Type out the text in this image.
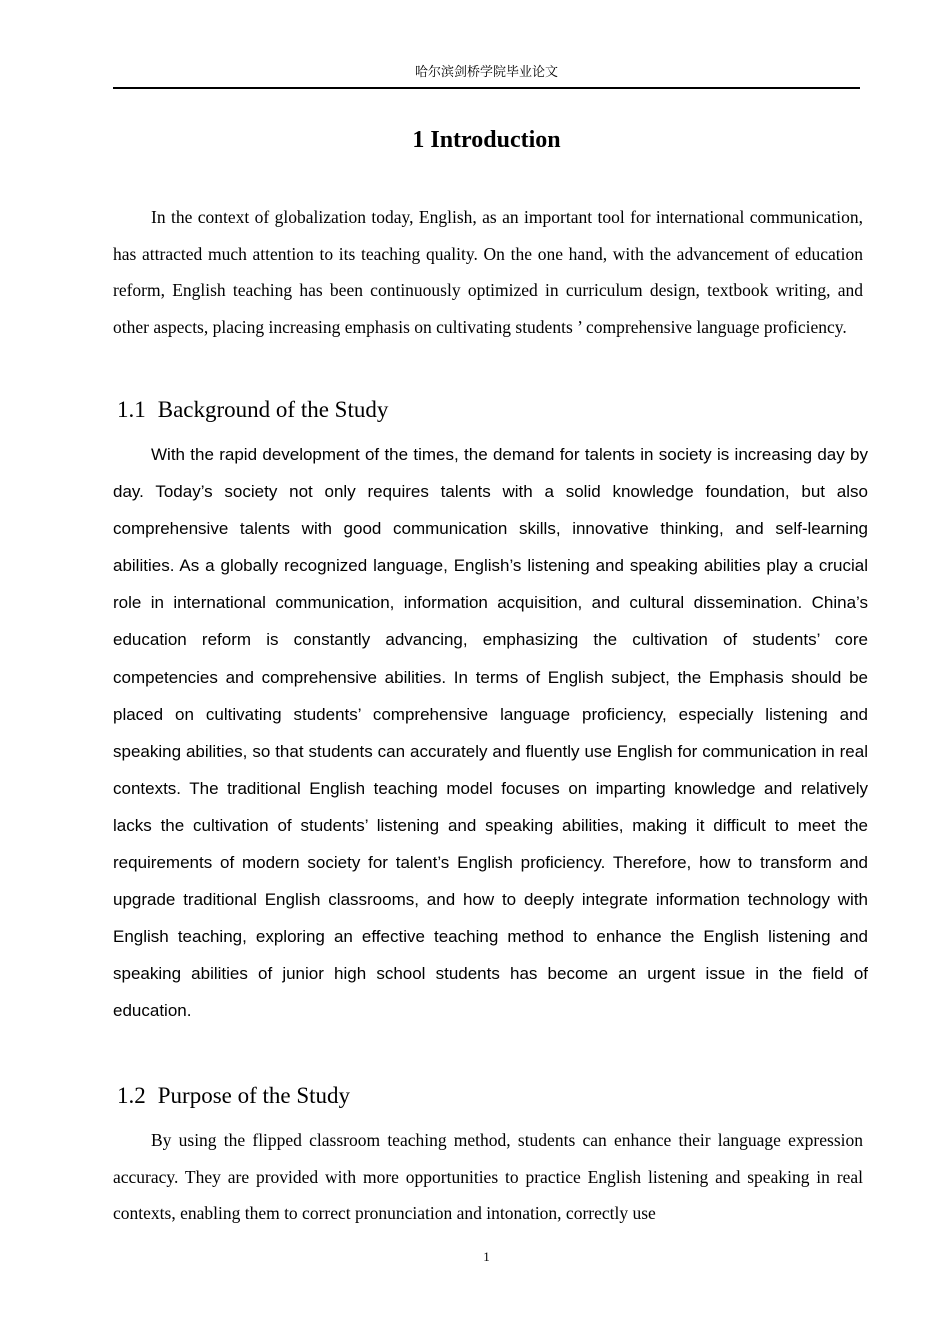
哈尔滨剑桥学院毕业论文
1 Introduction

In the context of globalization today, English, as an important tool for international communication, has attracted much attention to its teaching quality. On the one hand, with the advancement of education reform, English teaching has been continuously optimized in curriculum design, textbook writing, and other aspects, placing increasing emphasis on cultivating students ’ comprehensive language proficiency.

1.1 Background of the Study

With the rapid development of the times, the demand for talents in society is increasing day by day. Today’s society not only requires talents with a solid knowledge foundation, but also comprehensive talents with good communication skills, innovative thinking, and self-learning abilities. As a globally recognized language, English’s listening and speaking abilities play a crucial role in international communication, information acquisition, and cultural dissemination. China’s education reform is constantly advancing, emphasizing the cultivation of students’ core competencies and comprehensive abilities. In terms of English subject, the Emphasis should be placed on cultivating students’ comprehensive language proficiency, especially listening and speaking abilities, so that students can accurately and fluently use English for communication in real contexts. The traditional English teaching model focuses on imparting knowledge and relatively lacks the cultivation of students’ listening and speaking abilities, making it difficult to meet the requirements of modern society for talent’s English proficiency. Therefore, how to transform and upgrade traditional English classrooms, and how to deeply integrate information technology with English teaching, exploring an effective teaching method to enhance the English listening and speaking abilities of junior high school students has become an urgent issue in the field of education.

1.2 Purpose of the Study

By using the flipped classroom teaching method, students can enhance their language expression accuracy. They are provided with more opportunities to practice English listening and speaking in real contexts, enabling them to correct pronunciation and intonation, correctly use

1
